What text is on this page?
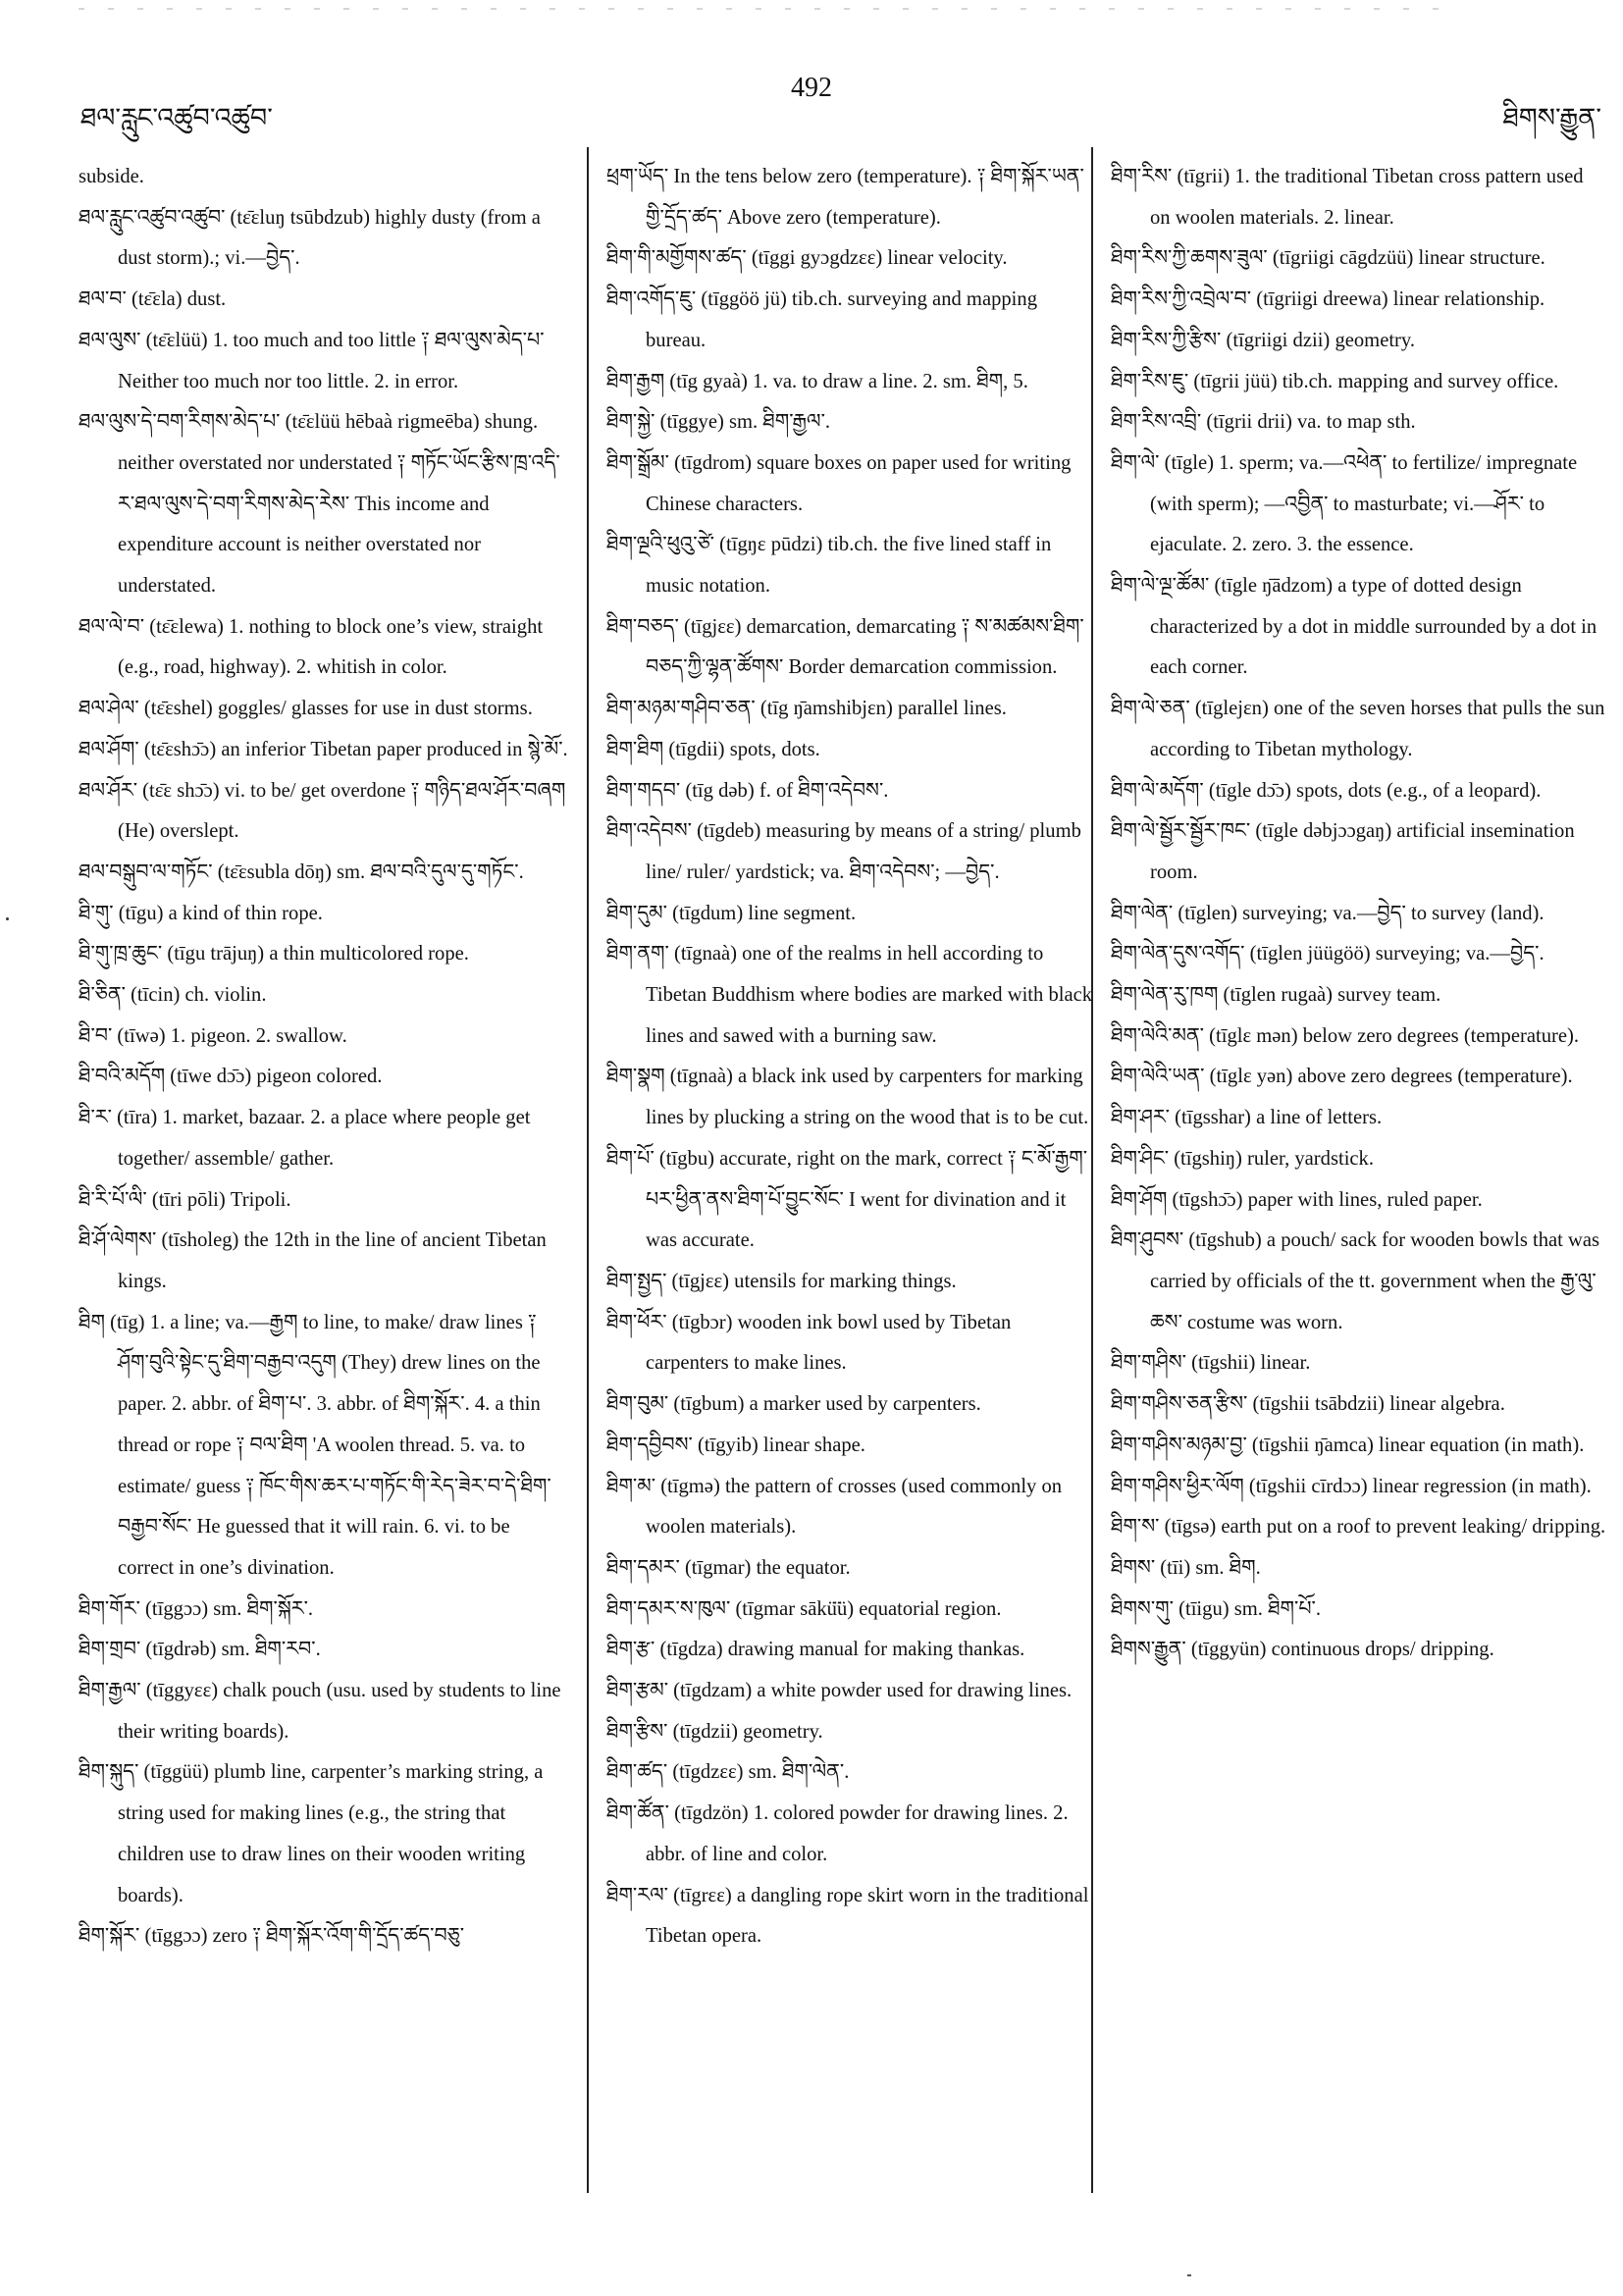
ཐལ་རླུང་འཚུབ་འཚུབ་
492
ཐིགས་རྒྱུན་

subside.

ཐལ་རླུང་འཚུབ་འཚུབ་ (tɛ̄ɛluŋ tsūbdzub) highly dusty (from a dust storm).; vi.—བྱེད་.

ཐལ་བ་ (tɛ̄ɛla) dust.

ཐལ་ལུས་ (tɛ̄ɛlüü) 1. too much and too little ༑ ཐལ་ལུས་མེད་པ་ Neither too much nor too little. 2. in error.

ཐལ་ལུས་དེ་བག་རིགས་མེད་པ་ (tɛ̄ɛlüü hēbaà rigmeēba) shung. neither overstated nor understated ༑ གཏོང་ཡོང་རྩིས་ཁྲ་འདི་ར་ཐལ་ལུས་དེ་བག་རིགས་མེད་རེས་ This income and expenditure account is neither overstated nor understated.

ཐལ་ལེ་བ་ (tɛ̄ɛlewa) 1. nothing to block one’s view, straight (e.g., road, highway). 2. whitish in color.

ཐལ་ཤེལ་ (tɛ̄ɛshel) goggles/ glasses for use in dust storms.

ཐལ་ཤོག་ (tɛ̄ɛshɔ̄ɔ) an inferior Tibetan paper produced in སྙེ་མོ་.

ཐལ་ཤོར་ (tɛ̄ɛ shɔ̄ɔ) vi. to be/ get overdone ༑ གཉིད་ཐལ་ཤོར་བཞག (He) overslept.

ཐལ་བསྒུབ་ལ་གཏོང་ (tɛ̄ɛsubla dōŋ) sm. ཐལ་བའི་དུལ་དུ་གཏོང་.

ཐི་གུ་ (tīgu) a kind of thin rope.

ཐི་གུ་ཁྲ་ཆུང་ (tīgu trājuŋ) a thin multicolored rope.

ཐི་ཅིན་ (tīcin) ch. violin.

ཐི་བ་ (tīwə) 1. pigeon. 2. swallow.

ཐི་བའི་མདོག (tīwe dɔ̄ɔ) pigeon colored.

ཐི་ར་ (tīra) 1. market, bazaar. 2. a place where people get together/ assemble/ gather.

ཐི་རི་པོ་ལི་ (tīri pōli) Tripoli.

ཐི་ཤོ་ལེགས་ (tīsholeg) the 12th in the line of ancient Tibetan kings.

ཐིག (tīg) 1. a line; va.—རྒྱག to line, to make/ draw lines ༑ ཤོག་བུའི་སྟེང་དུ་ཐིག་བརྒྱབ་འདུག (They) drew lines on the paper. 2. abbr. of ཐིག་པ་. 3. abbr. of ཐིག་སྐོར་. 4. a thin thread or rope ༑ བལ་ཐིག 'A woolen thread. 5. va. to estimate/ guess ༑ ཁོང་གིས་ཆར་པ་གཏོང་གི་རེད་ཟེར་བ་དེ་ཐིག་བརྒྱབ་སོང་ He guessed that it will rain. 6. vi. to be correct in one’s divination.

ཐིག་གོར་ (tīggɔɔ) sm. ཐིག་སྐོར་.

ཐིག་གྲབ་ (tīgdrəb) sm. ཐིག་རབ་.

ཐིག་རྒྱལ་ (tīggyɛɛ) chalk pouch (usu. used by students to line their writing boards).

ཐིག་སྐུད་ (tīggüü) plumb line, carpenter’s marking string, a string used for making lines (e.g., the string that children use to draw lines on their wooden writing boards).

ཐིག་སྐོར་ (tīggɔɔ) zero ༑ ཐིག་སྐོར་འོག་གི་དྲོད་ཚད་བཅུ་

ཕྲག་ཡོད་ In the tens below zero (temperature). ༑ ཐིག་སྐོར་ཡན་གྱི་དྲོད་ཚད་ Above zero (temperature).

ཐིག་གི་མགྱོགས་ཚད་ (tīggi gyɔgdzɛɛ) linear velocity.

ཐིག་འགོད་ཇུ་ (tīggöö jü) tib.ch. surveying and mapping bureau.

ཐིག་རྒྱག (tīg gyaà) 1. va. to draw a line. 2. sm. ཐིག, 5.

ཐིག་སྐྱེ་ (tīggye) sm. ཐིག་རྒྱལ་.

ཐིག་སྒྲོམ་ (tīgdrom) square boxes on paper used for writing Chinese characters.

ཐིག་ལྔའི་ཕུའུ་ཙེ་ (tīgŋɛ pūdzi) tib.ch. the five lined staff in music notation.

ཐིག་བཅད་ (tīgjɛɛ) demarcation, demarcating ༑ ས་མཚམས་ཐིག་བཅད་ཀྱི་ལྷན་ཚོགས་ Border demarcation commission.

ཐིག་མཉམ་གཤིབ་ཅན་ (tīg ŋ̄amshibjɛn) parallel lines.

ཐིག་ཐིག (tīgdii) spots, dots.

ཐིག་གདབ་ (tīg dəb) f. of ཐིག་འདེབས་.

ཐིག་འདེབས་ (tīgdeb) measuring by means of a string/ plumb line/ ruler/ yardstick; va. ཐིག་འདེབས་; —བྱེད་.

ཐིག་དུམ་ (tīgdum) line segment.

ཐིག་ནག་ (tīgnaà) one of the realms in hell according to Tibetan Buddhism where bodies are marked with black lines and sawed with a burning saw.

ཐིག་སྣག (tīgnaà) a black ink used by carpenters for marking lines by plucking a string on the wood that is to be cut.

ཐིག་པོ་ (tīgbu) accurate, right on the mark, correct ༑ ང་མོ་རྒྱག་པར་ཕྱིན་ནས་ཐིག་པོ་བྱུང་སོང་ I went for divination and it was accurate.

ཐིག་སྤྱད་ (tīgjɛɛ) utensils for marking things.

ཐིག་ཕོར་ (tīgbɔr) wooden ink bowl used by Tibetan carpenters to make lines.

ཐིག་བུམ་ (tīgbum) a marker used by carpenters.

ཐིག་དབྱིབས་ (tīgyib) linear shape.

ཐིག་མ་ (tīgmə) the pattern of crosses (used commonly on woolen materials).

ཐིག་དམར་ (tīgmar) the equator.

ཐིག་དམར་ས་ཁུལ་ (tīgmar sākü̈ü) equatorial region.

ཐིག་རྩ་ (tīgdza) drawing manual for making thankas.

ཐིག་རྩམ་ (tīgdzam) a white powder used for drawing lines.

ཐིག་རྩིས་ (tīgdzii) geometry.

ཐིག་ཚད་ (tīgdzɛɛ) sm. ཐིག་ལེན་.

ཐིག་ཚོན་ (tīgdzön) 1. colored powder for drawing lines. 2. abbr. of line and color.

ཐིག་རལ་ (tīgrɛɛ) a dangling rope skirt worn in the traditional Tibetan opera.

ཐིག་རིས་ (tīgrii) 1. the traditional Tibetan cross pattern used on woolen materials. 2. linear.

ཐིག་རིས་ཀྱི་ཆགས་ཟུལ་ (tīgriigi cāgdzüü) linear structure.

ཐིག་རིས་ཀྱི་འབྲེལ་བ་ (tīgriigi dreewa) linear relationship.

ཐིག་རིས་ཀྱི་རྩིས་ (tīgriigi dzii) geometry.

ཐིག་རིས་ཇུ་ (tīgrii jüü) tib.ch. mapping and survey office.

ཐིག་རིས་འབྲི་ (tīgrii drii) va. to map sth.

ཐིག་ལེ་ (tīgle) 1. sperm; va.—འཕེན་ to fertilize/ impregnate (with sperm); —འབྱིན་ to masturbate; vi.—ཤོར་ to ejaculate. 2. zero. 3. the essence.

ཐིག་ལེ་ལྔ་ཚོམ་ (tīgle ŋ̄ādzom) a type of dotted design characterized by a dot in middle surrounded by a dot in each corner.

ཐིག་ལེ་ཅན་ (tīglejɛn) one of the seven horses that pulls the sun according to Tibetan mythology.

ཐིག་ལེ་མདོག་ (tīgle dɔ̄ɔ) spots, dots (e.g., of a leopard).

ཐིག་ལེ་སྦྱོར་སྦྱོར་ཁང་ (tīgle dəbjɔɔgaŋ) artificial insemination room.

ཐིག་ལེན་ (tīglen) surveying; va.—བྱེད་ to survey (land).

ཐིག་ལེན་དུས་འགོད་ (tīglen jüügöö) surveying; va.—བྱེད་.

ཐིག་ལེན་རུ་ཁག (tīglen rugaà) survey team.

ཐིག་ལེའི་མན་ (tīglɛ mən) below zero degrees (temperature).

ཐིག་ལེའི་ཡན་ (tīglɛ yən) above zero degrees (temperature).

ཐིག་ཤར་ (tīgsshar) a line of letters.

ཐིག་ཤིང་ (tīgshiŋ) ruler, yardstick.

ཐིག་ཤོག (tīgshɔ̄ɔ) paper with lines, ruled paper.

ཐིག་ཤུབས་ (tīgshub) a pouch/ sack for wooden bowls that was carried by officials of the tt. government when the རྒྱ་ལུ་ཆས་ costume was worn.

ཐིག་གཤིས་ (tīgshii) linear.

ཐིག་གཤིས་ཅན་རྩིས་ (tīgshii tsābdzii) linear algebra.

ཐིག་གཤིས་མཉམ་བྱ་ (tīgshii ŋ̄amca) linear equation (in math).

ཐིག་གཤིས་ཕྱིར་ལོག (tīgshii cīrdɔɔ) linear regression (in math).

ཐིག་ས་ (tīgsə) earth put on a roof to prevent leaking/ dripping.

ཐིགས་ (tīi) sm. ཐིག.

ཐིགས་གུ་ (tīigu) sm. ཐིག་པོ་.

ཐིགས་རྒྱུན་ (tīggyün) continuous drops/ dripping.
